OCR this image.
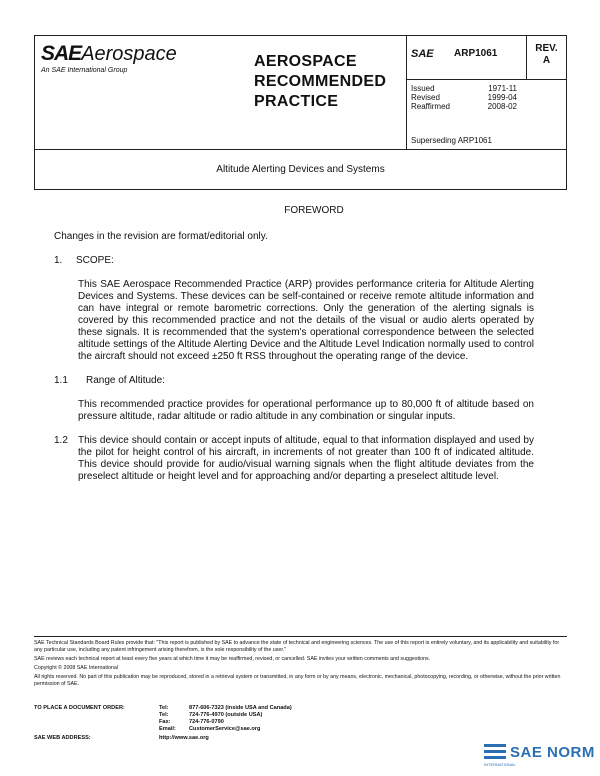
SAEAerospace
An SAE International Group
AEROSPACE
RECOMMENDED
PRACTICE
SAE ARP1061
Issued	1971-11
Revised	1999-04
Reaffirmed	2008-02
Superseding ARP1061
REV.
A
Altitude Alerting Devices and Systems
FOREWORD
Changes in the revision are format/editorial only.
1. SCOPE:
This SAE Aerospace Recommended Practice (ARP) provides performance criteria for Altitude Alerting Devices and Systems. These devices can be self-contained or receive remote altitude information and can have integral or remote barometric corrections. Only the generation of the alerting signals is covered by this recommended practice and not the details of the visual or audio alerts operated by these signals. It is recommended that the system's operational correspondence between the selected altitude settings of the Altitude Alerting Device and the Altitude Level Indication normally used to control the aircraft should not exceed ±250 ft RSS throughout the operating range of the device.
1.1	Range of Altitude:
This recommended practice provides for operational performance up to 80,000 ft of altitude based on pressure altitude, radar altitude or radio altitude in any combination or singular inputs.
1.2	This device should contain or accept inputs of altitude, equal to that information displayed and used by the pilot for height control of his aircraft, in increments of not greater than 100 ft of indicated altitude. This device should provide for audio/visual warning signals when the flight altitude deviates from the preselect altitude or height level and for approaching and/or departing a preselect altitude level.

SAE Technical Standards Board Rules provide that: "This report is published by SAE to advance the state of technical and engineering sciences. The use of this report is entirely voluntary, and its applicability and suitability for any particular use, including any patent infringement arising therefrom, is the sole responsibility of the user."

SAE reviews each technical report at least every five years at which time it may be reaffirmed, revised, or cancelled. SAE invites your written comments and suggestions.

Copyright © 2008 SAE International

All rights reserved. No part of this publication may be reproduced, stored in a retrieval system or transmitted, in any form or by any means, electronic, mechanical, photocopying, recording, or otherwise, without the prior written permission of SAE.

TO PLACE A DOCUMENT ORDER:	Tel:	877-606-7323 (inside USA and Canada)
Tel:	724-776-4970 (outside USA)
Fax:	724-776-0790
Email:	CustomerService@sae.org
SAE WEB ADDRESS:	http://www.sae.org
SAE NORM
INTERNATIONAL
